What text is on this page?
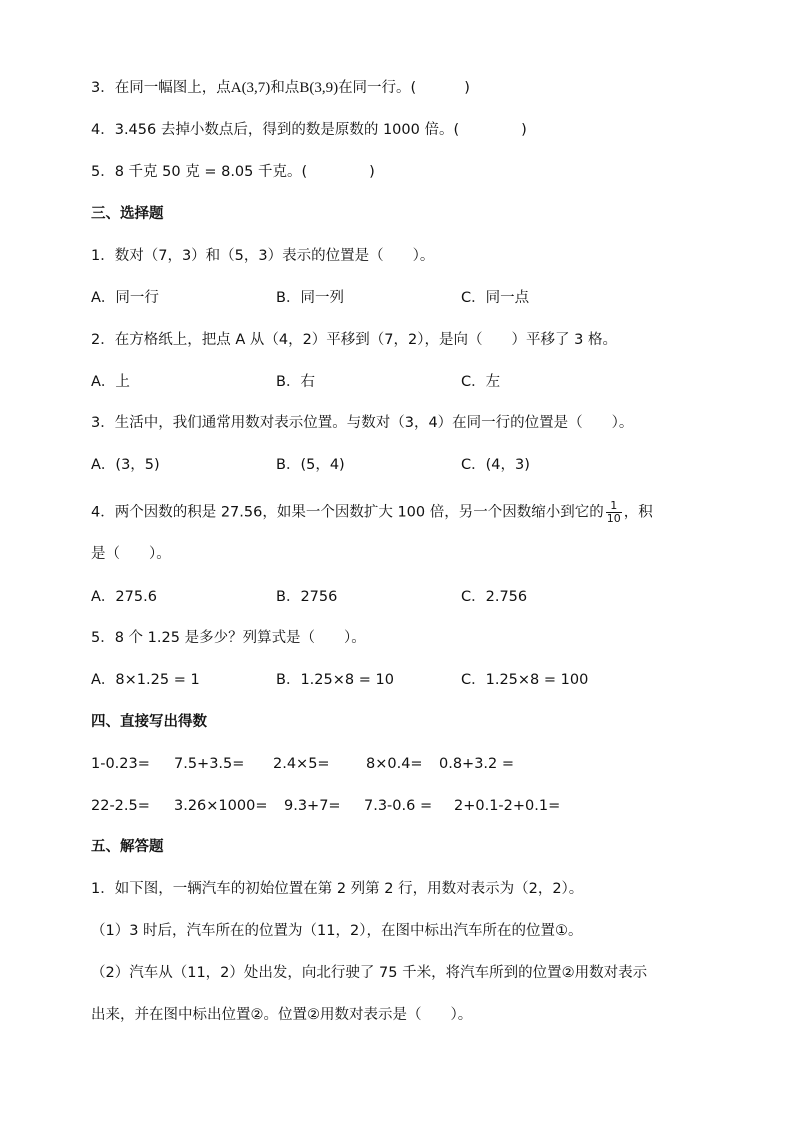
3．在同一幅图上，点A(3,7)和点B(3,9)在同一行。(	)
4．3.456 去掉小数点后，得到的数是原数的 1000 倍。(	)
5．8 千克 50 克 = 8.05 千克。(	)
三、选择题
1．数对（7，3）和（5，3）表示的位置是（　　）。
A．同一行	B．同一列	C．同一点
2．在方格纸上，把点 A 从（4，2）平移到（7，2），是向（　　）平移了 3 格。
A．上	B．右	C．左
3．生活中，我们通常用数对表示位置。与数对（3，4）在同一行的位置是（　　）。
A．(3，5)	B．(5，4)	C．(4，3)
4．两个因数的积是 27.56，如果一个因数扩大 100 倍，另一个因数缩小到它的 $\frac{1}{10}$ ，积
是（　　）。
A．275.6	B．2756	C．2.756
5．8 个 1.25 是多少？列算式是（　　）。
A．8×1.25 = 1	B．1.25×8 = 10	C．1.25×8 = 100
四、直接写出得数
1-0.23= 7.5+3.5= 2.4×5=	8×0.4= 0.8+3.2 =
22-2.5= 3.26×1000= 9.3+7= 7.3-0.6 = 2+0.1-2+0.1=
五、解答题
1．如下图，一辆汽车的初始位置在第 2 列第 2 行，用数对表示为（2，2）。
（1）3 时后，汽车所在的位置为（11，2），在图中标出汽车所在的位置①。
（2）汽车从（11，2）处出发，向北行驶了 75 千米，将汽车所到的位置②用数对表示
出来，并在图中标出位置②。位置②用数对表示是（　　）。
